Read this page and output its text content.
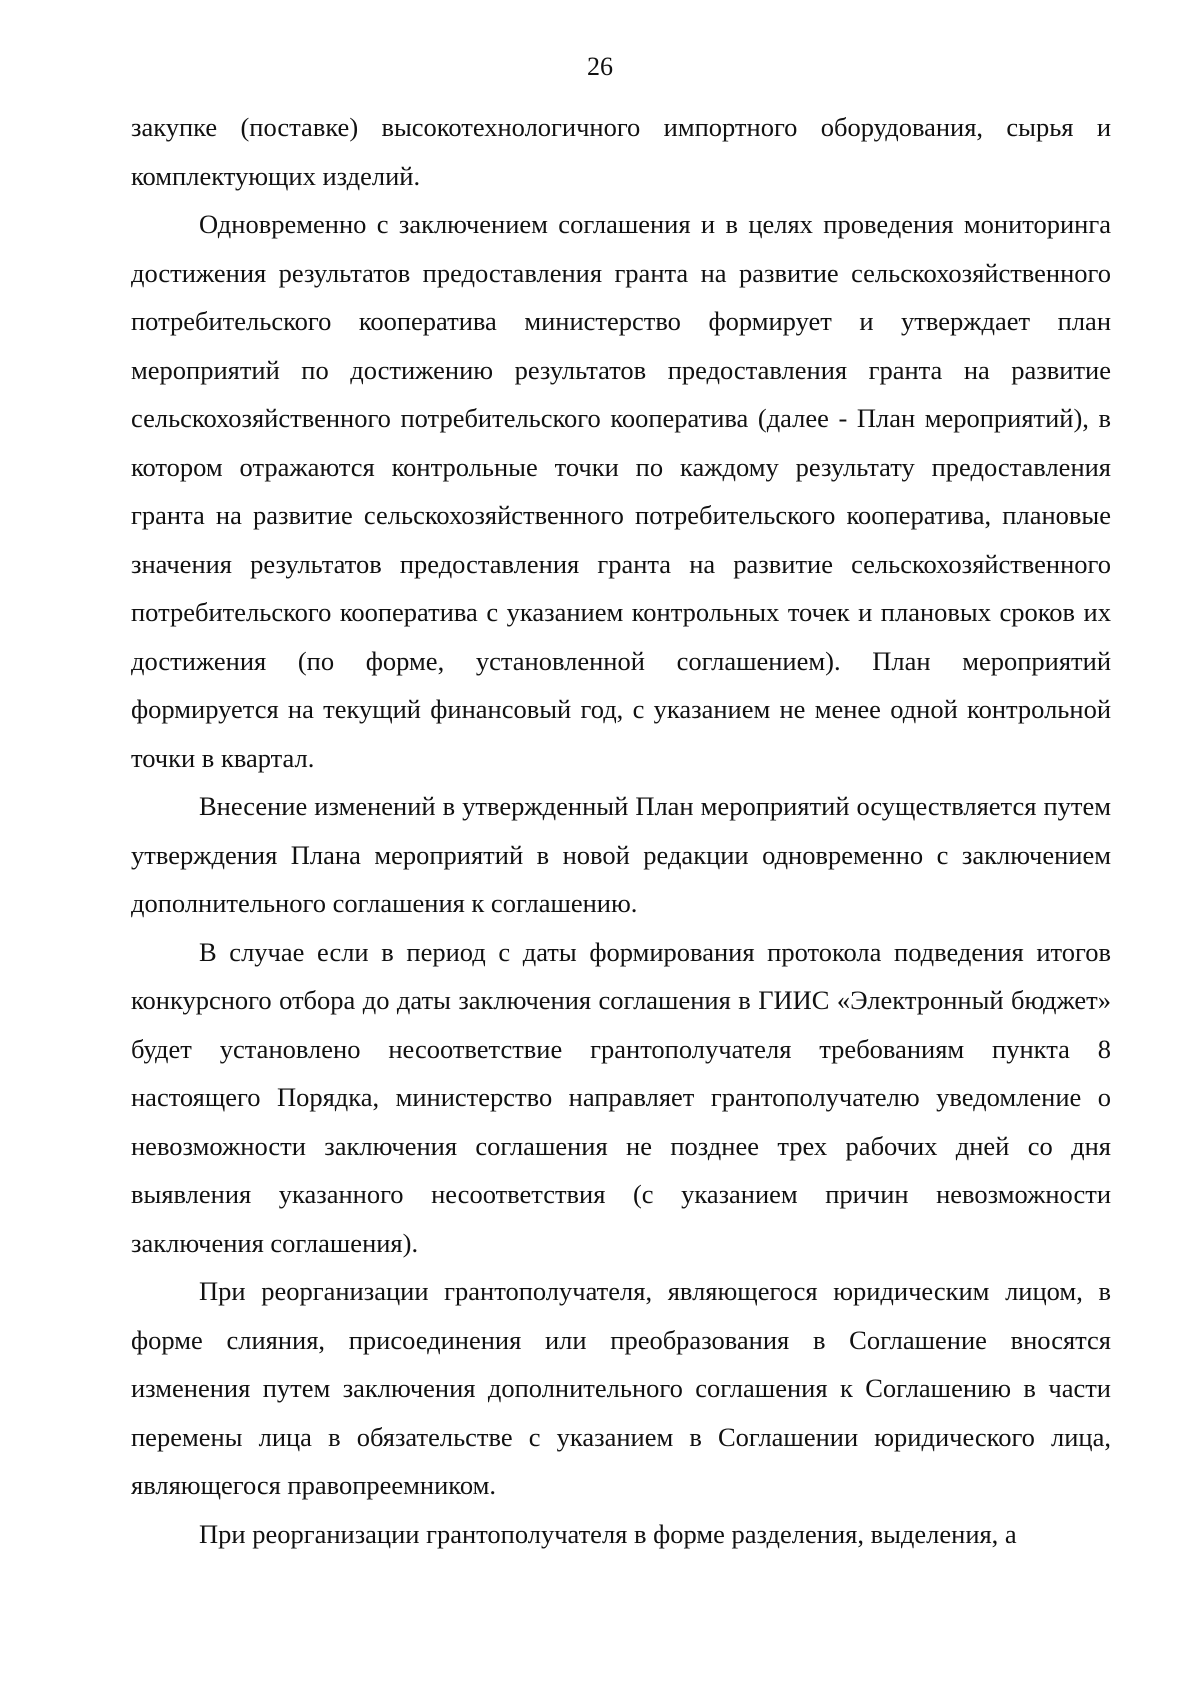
26

закупке (поставке) высокотехнологичного импортного оборудования, сырья и комплектующих изделий.

Одновременно с заключением соглашения и в целях проведения мониторинга достижения результатов предоставления гранта на развитие сельскохозяйственного потребительского кооператива министерство формирует и утверждает план мероприятий по достижению результатов предоставления гранта на развитие сельскохозяйственного потребительского кооператива (далее - План мероприятий), в котором отражаются контрольные точки по каждому результату предоставления гранта на развитие сельскохозяйственного потребительского кооператива, плановые значения результатов предоставления гранта на развитие сельскохозяйственного потребительского кооператива с указанием контрольных точек и плановых сроков их достижения (по форме, установленной соглашением). План мероприятий формируется на текущий финансовый год, с указанием не менее одной контрольной точки в квартал.

Внесение изменений в утвержденный План мероприятий осуществляется путем утверждения Плана мероприятий в новой редакции одновременно с заключением дополнительного соглашения к соглашению.

В случае если в период с даты формирования протокола подведения итогов конкурсного отбора до даты заключения соглашения в ГИИС «Электронный бюджет» будет установлено несоответствие грантополучателя требованиям пункта 8 настоящего Порядка, министерство направляет грантополучателю уведомление о невозможности заключения соглашения не позднее трех рабочих дней со дня выявления указанного несоответствия (с указанием причин невозможности заключения соглашения).

При реорганизации грантополучателя, являющегося юридическим лицом, в форме слияния, присоединения или преобразования в Соглашение вносятся изменения путем заключения дополнительного соглашения к Соглашению в части перемены лица в обязательстве с указанием в Соглашении юридического лица, являющегося правопреемником.

При реорганизации грантополучателя в форме разделения, выделения, а
